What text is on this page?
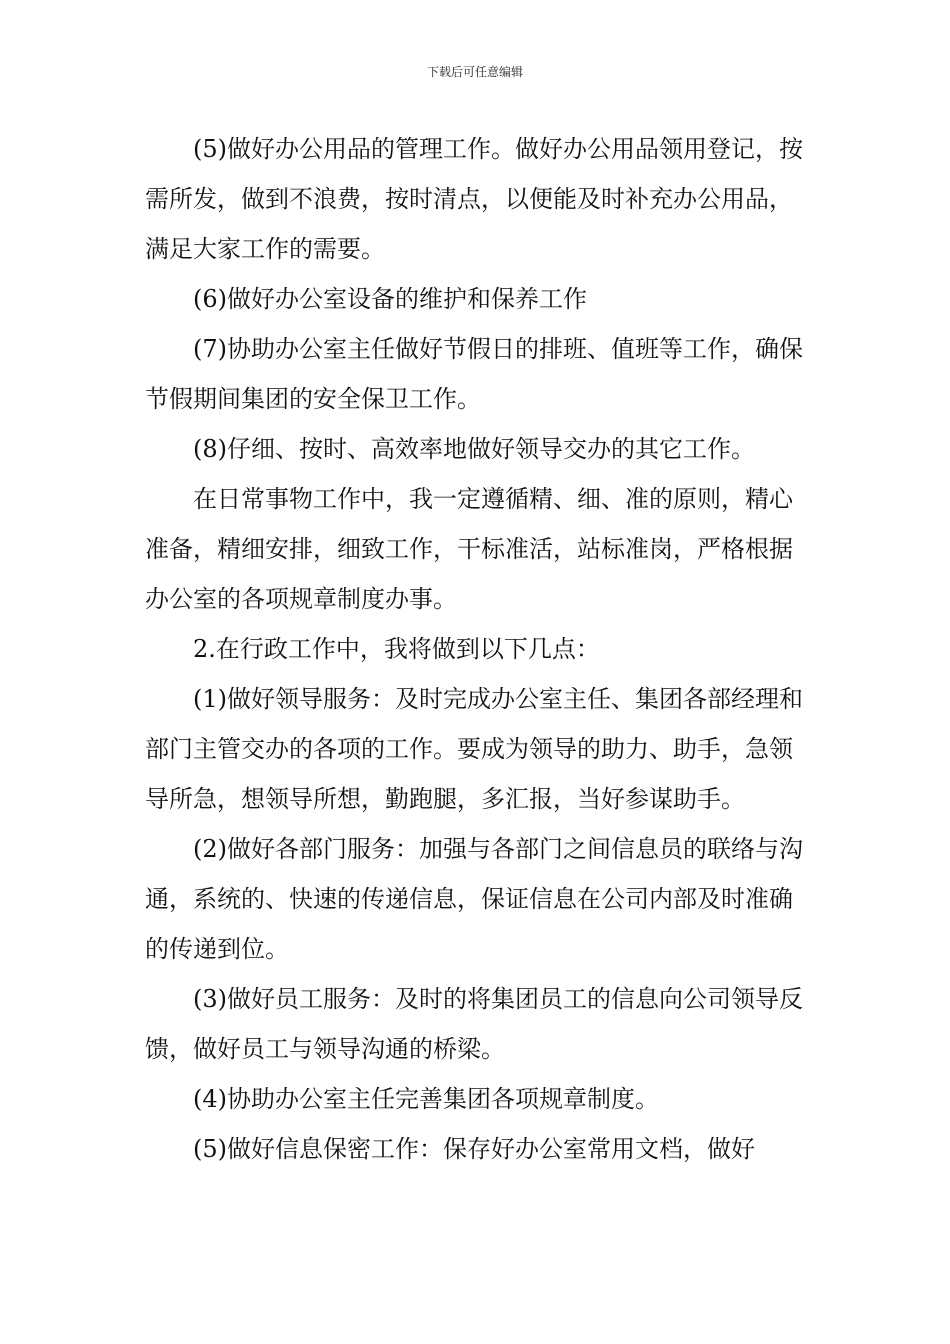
下载后可任意编辑

(5)做好办公用品的管理工作。做好办公用品领用登记，按需所发，做到不浪费，按时清点，以便能及时补充办公用品，满足大家工作的需要。

(6)做好办公室设备的维护和保养工作

(7)协助办公室主任做好节假日的排班、值班等工作，确保节假期间集团的安全保卫工作。

(8)仔细、按时、高效率地做好领导交办的其它工作。

在日常事物工作中，我一定遵循精、细、准的原则，精心准备，精细安排，细致工作，干标准活，站标准岗，严格根据办公室的各项规章制度办事。

2.在行政工作中，我将做到以下几点：

(1)做好领导服务：及时完成办公室主任、集团各部经理和部门主管交办的各项的工作。要成为领导的助力、助手，急领导所急，想领导所想，勤跑腿，多汇报，当好参谋助手。

(2)做好各部门服务：加强与各部门之间信息员的联络与沟通，系统的、快速的传递信息，保证信息在公司内部及时准确的传递到位。

(3)做好员工服务：及时的将集团员工的信息向公司领导反馈，做好员工与领导沟通的桥梁。

(4)协助办公室主任完善集团各项规章制度。

(5)做好信息保密工作：保存好办公室常用文档，做好
